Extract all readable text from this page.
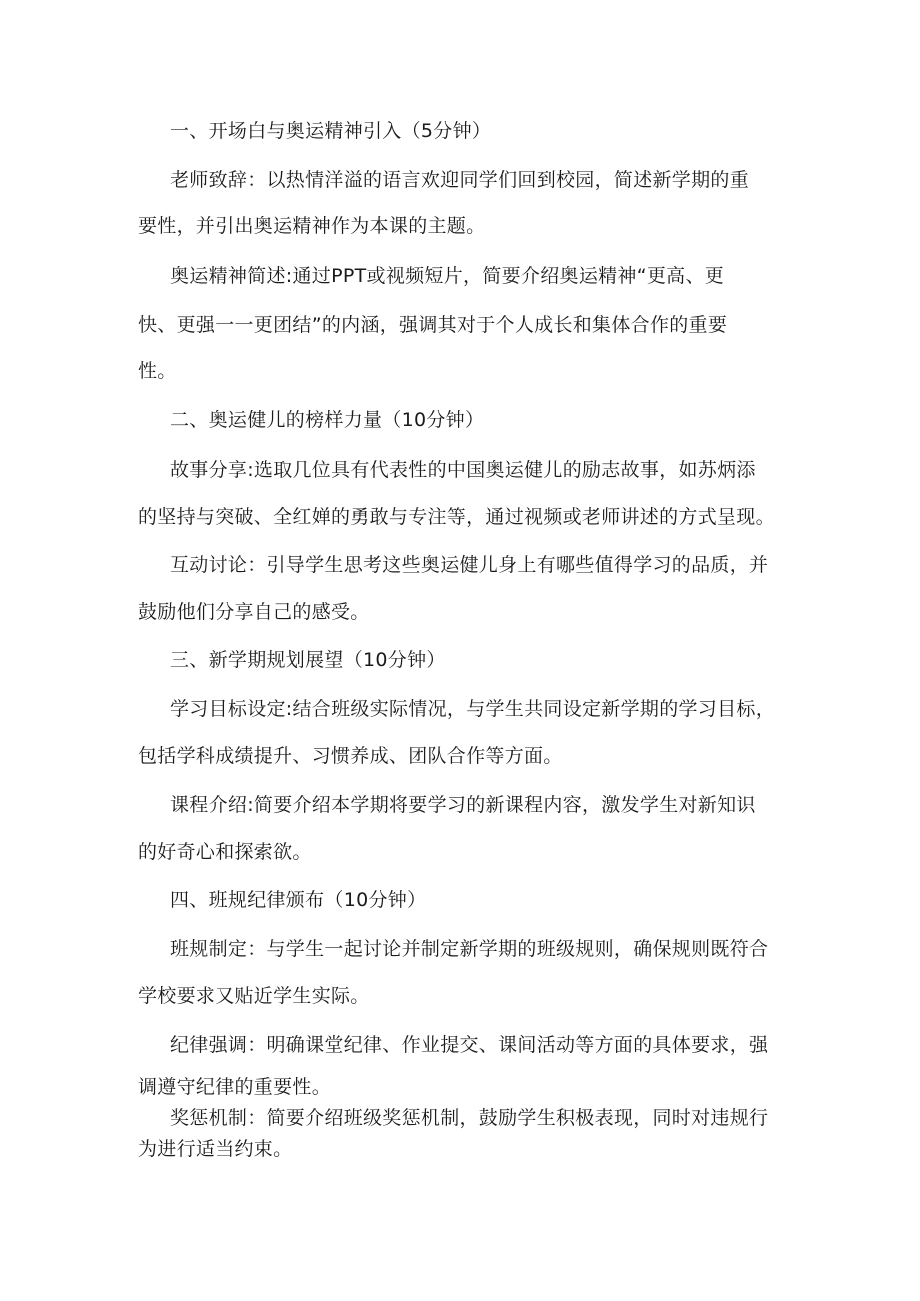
一、开场白与奥运精神引入（5分钟）
老师致辞：以热情洋溢的语言欢迎同学们回到校园，简述新学期的重
要性，并引出奥运精神作为本课的主题。
奥运精神简述:通过PPT或视频短片，简要介绍奥运精神“更高、更
快、更强一一更团结”的内涵，强调其对于个人成长和集体合作的重要
性。
二、奥运健儿的榜样力量（10分钟）
故事分享:选取几位具有代表性的中国奥运健儿的励志故事，如苏炳添
的坚持与突破、全红婵的勇敢与专注等，通过视频或老师讲述的方式呈现。
互动讨论：引导学生思考这些奥运健儿身上有哪些值得学习的品质，并
鼓励他们分享自己的感受。
三、新学期规划展望（10分钟）
学习目标设定:结合班级实际情况，与学生共同设定新学期的学习目标，
包括学科成绩提升、习惯养成、团队合作等方面。
课程介绍:简要介绍本学期将要学习的新课程内容，激发学生对新知识
的好奇心和探索欲。
四、班规纪律颁布（10分钟）
班规制定：与学生一起讨论并制定新学期的班级规则，确保规则既符合
学校要求又贴近学生实际。
纪律强调：明确课堂纪律、作业提交、课间活动等方面的具体要求，强
调遵守纪律的重要性。
奖惩机制：简要介绍班级奖惩机制，鼓励学生积极表现，同时对违规行
为进行适当约束。
